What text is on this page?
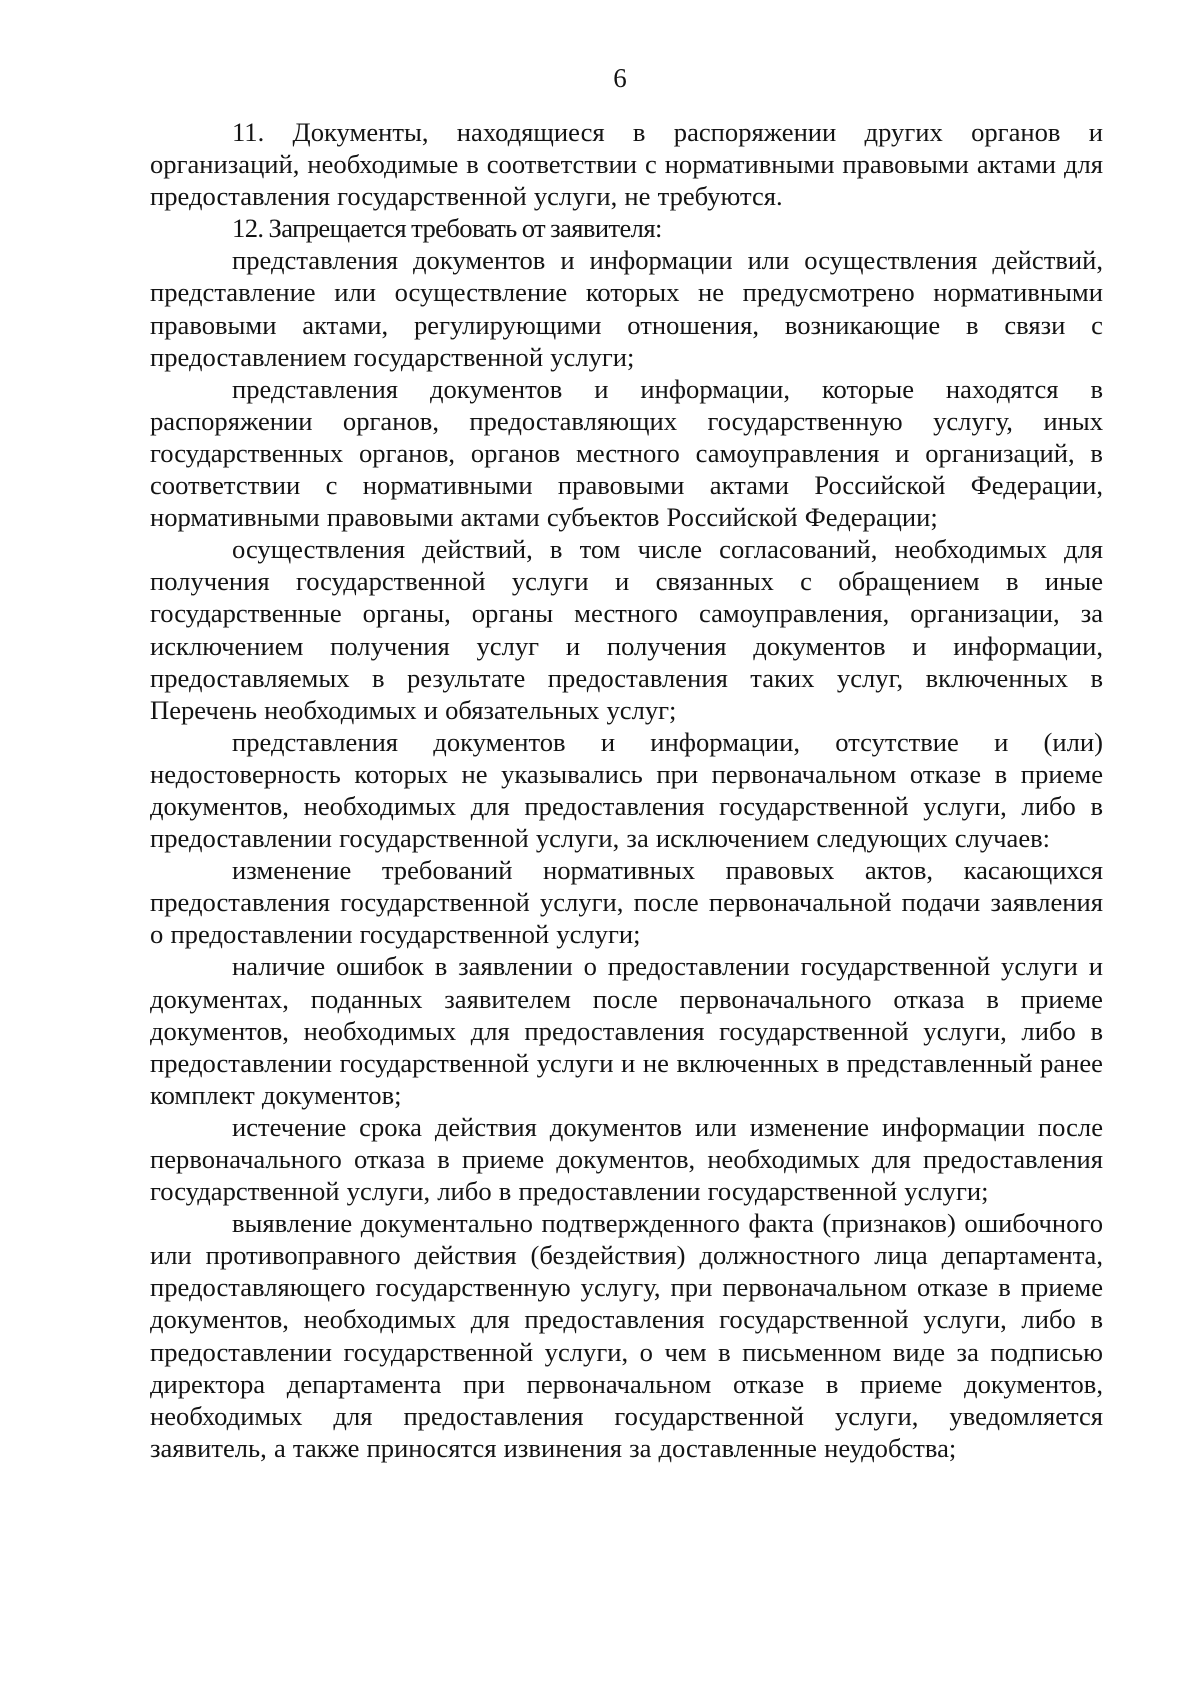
6

11. Документы, находящиеся в распоряжении других органов и организаций, необходимые в соответствии с нормативными правовыми актами для предоставления государственной услуги, не требуются.

12. Запрещается требовать от заявителя:

представления документов и информации или осуществления действий, представление или осуществление которых не предусмотрено нормативными правовыми актами, регулирующими отношения, возникающие в связи с предоставлением государственной услуги;

представления документов и информации, которые находятся в распоряжении органов, предоставляющих государственную услугу, иных государственных органов, органов местного самоуправления и организаций, в соответствии с нормативными правовыми актами Российской Федерации, нормативными правовыми актами субъектов Российской Федерации;

осуществления действий, в том числе согласований, необходимых для получения государственной услуги и связанных с обращением в иные государственные органы, органы местного самоуправления, организации, за исключением получения услуг и получения документов и информации, предоставляемых в результате предоставления таких услуг, включенных в Перечень необходимых и обязательных услуг;

представления документов и информации, отсутствие и (или) недостоверность которых не указывались при первоначальном отказе в приеме документов, необходимых для предоставления государственной услуги, либо в предоставлении государственной услуги, за исключением следующих случаев:

изменение требований нормативных правовых актов, касающихся предоставления государственной услуги, после первоначальной подачи заявления о предоставлении государственной услуги;

наличие ошибок в заявлении о предоставлении государственной услуги и документах, поданных заявителем после первоначального отказа в приеме документов, необходимых для предоставления государственной услуги, либо в предоставлении государственной услуги и не включенных в представленный ранее комплект документов;

истечение срока действия документов или изменение информации после первоначального отказа в приеме документов, необходимых для предоставления государственной услуги, либо в предоставлении государственной услуги;

выявление документально подтвержденного факта (признаков) ошибочного или противоправного действия (бездействия) должностного лица департамента, предоставляющего государственную услугу, при первоначальном отказе в приеме документов, необходимых для предоставления государственной услуги, либо в предоставлении государственной услуги, о чем в письменном виде за подписью директора департамента при первоначальном отказе в приеме документов, необходимых для предоставления государственной услуги, уведомляется заявитель, а также приносятся извинения за доставленные неудобства;
